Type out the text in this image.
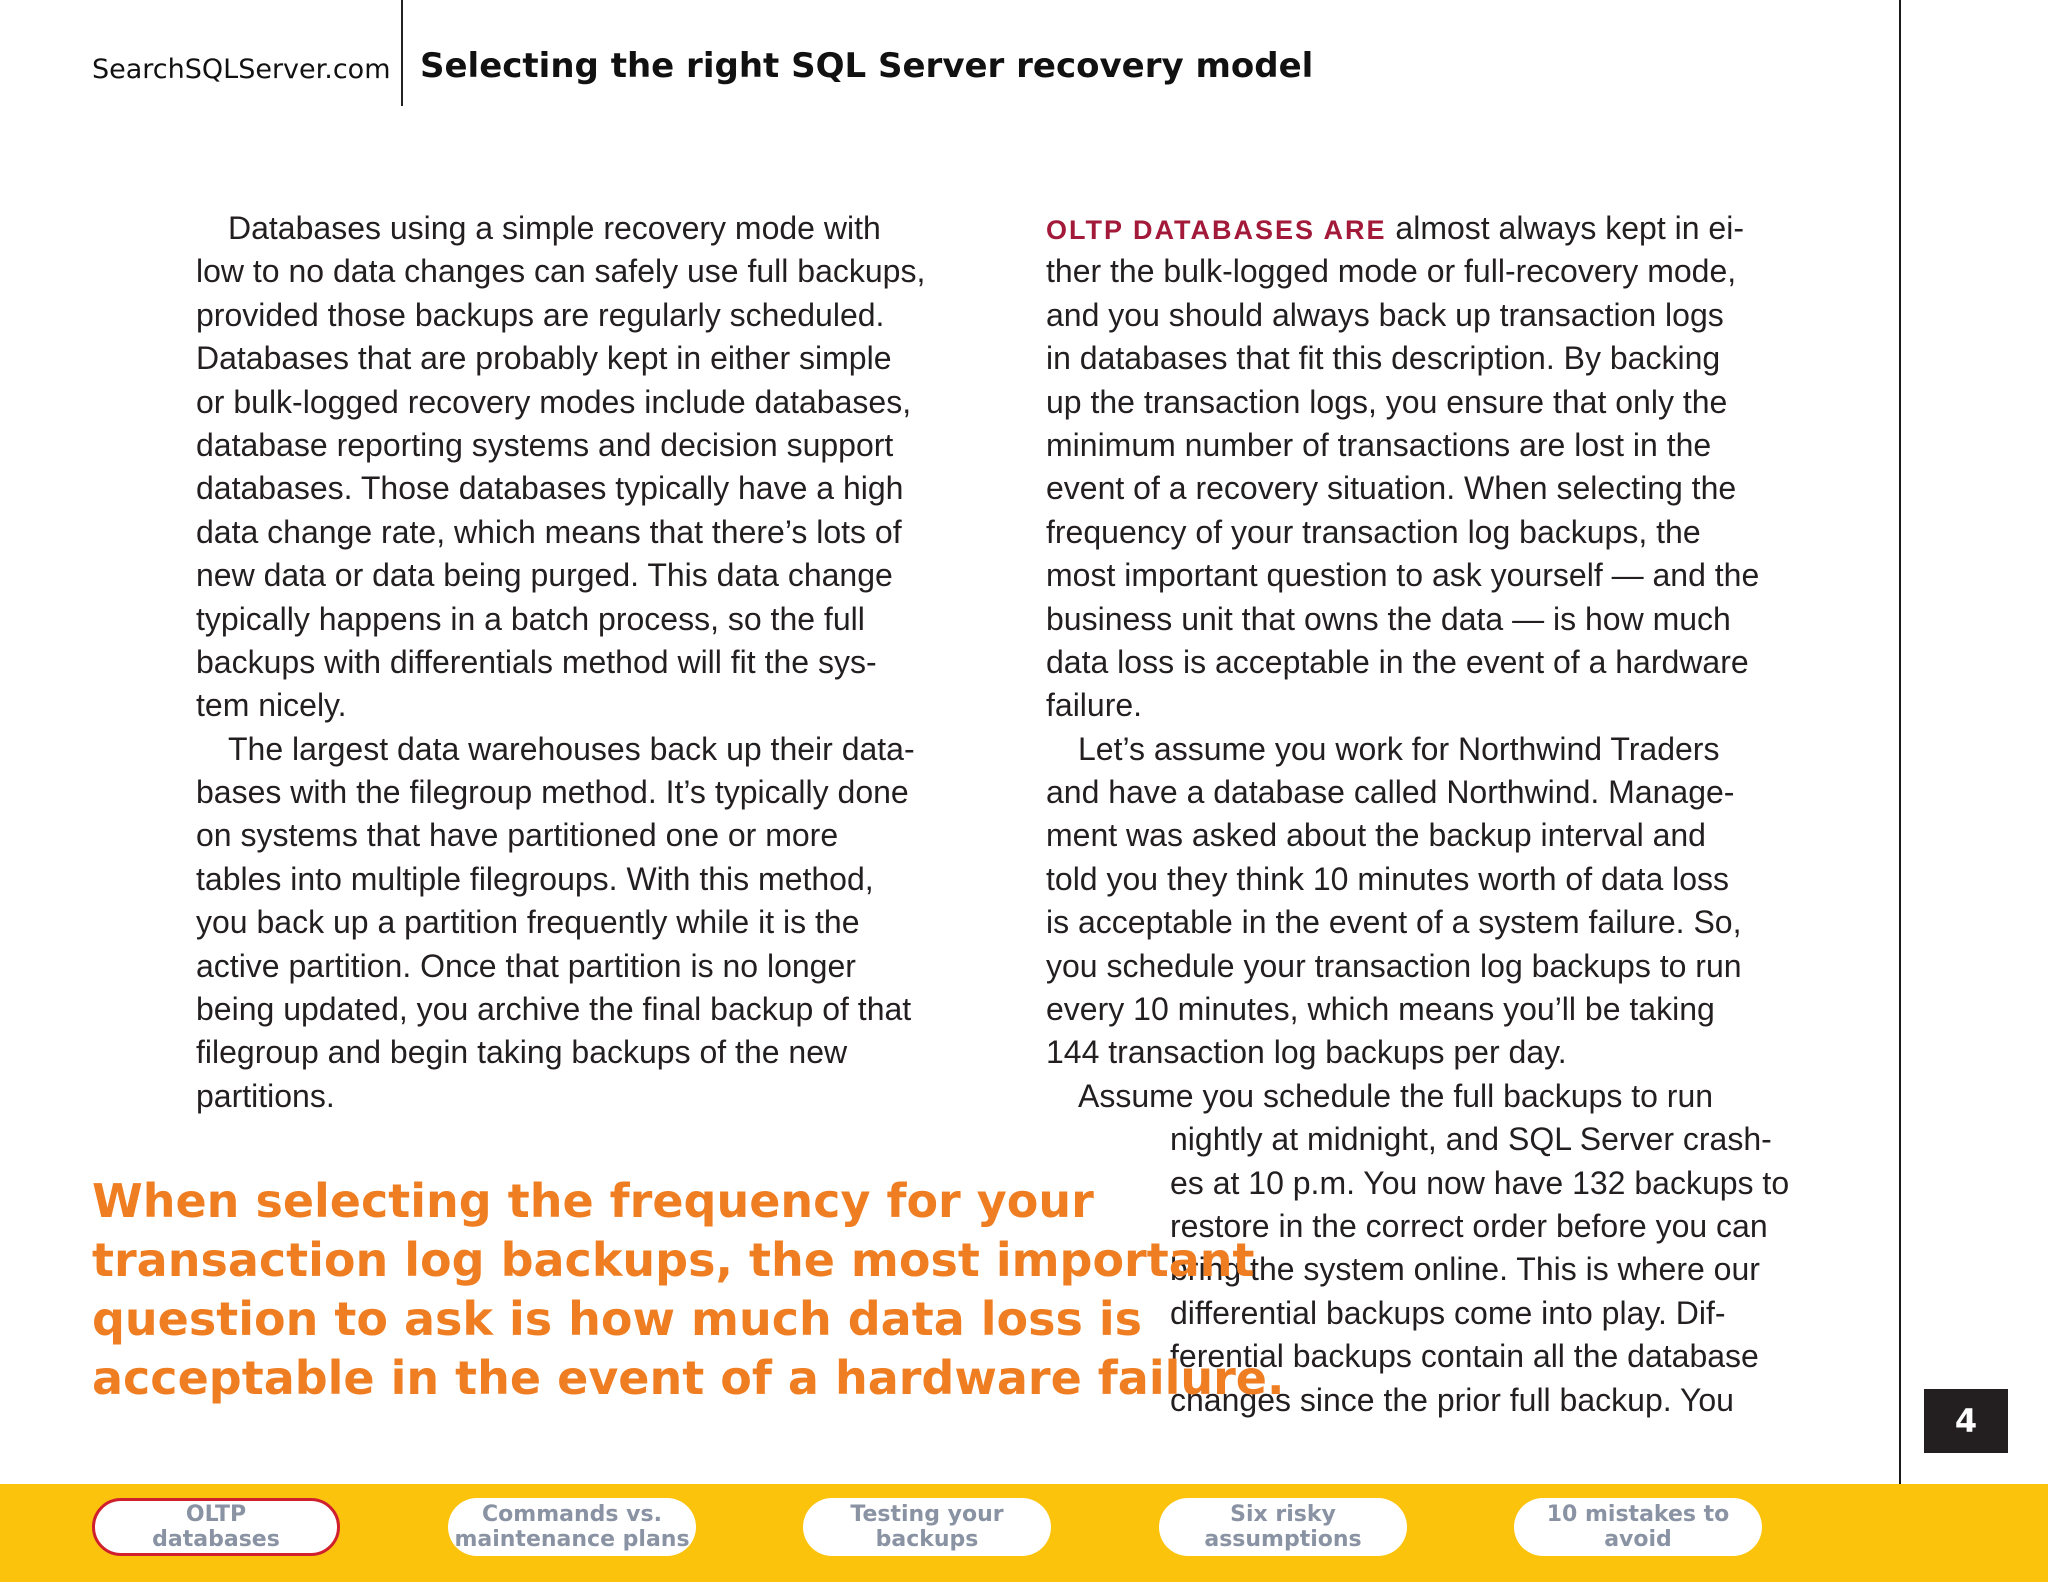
SearchSQLServer.com Selecting the right SQL Server recovery model
Databases using a simple recovery mode with
low to no data changes can safely use full backups,
provided those backups are regularly scheduled.
Databases that are probably kept in either simple
or bulk-logged recovery modes include databases,
database reporting systems and decision support
databases. Those databases typically have a high
data change rate, which means that there’s lots of
new data or data being purged. This data change
typically happens in a batch process, so the full
backups with differentials method will fit the sys-
tem nicely.
The largest data warehouses back up their data-
bases with the filegroup method. It’s typically done
on systems that have partitioned one or more
tables into multiple filegroups. With this method,
you back up a partition frequently while it is the
active partition. Once that partition is no longer
being updated, you archive the final backup of that
filegroup and begin taking backups of the new
partitions.
OLTP DATABASES ARE almost always kept in ei-
ther the bulk-logged mode or full-recovery mode,
and you should always back up transaction logs
in databases that fit this description. By backing
up the transaction logs, you ensure that only the
minimum number of transactions are lost in the
event of a recovery situation. When selecting the
frequency of your transaction log backups, the
most important question to ask yourself — and the
business unit that owns the data — is how much
data loss is acceptable in the event of a hardware
failure.
Let’s assume you work for Northwind Traders
and have a database called Northwind. Manage-
ment was asked about the backup interval and
told you they think 10 minutes worth of data loss
is acceptable in the event of a system failure. So,
you schedule your transaction log backups to run
every 10 minutes, which means you’ll be taking
144 transaction log backups per day.
Assume you schedule the full backups to run
nightly at midnight, and SQL Server crash-
es at 10 p.m. You now have 132 backups to
restore in the correct order before you can
bring the system online. This is where our
differential backups come into play. Dif-
ferential backups contain all the database
changes since the prior full backup. You
When selecting the frequency for your
transaction log backups, the most important
question to ask is how much data loss is
acceptable in the event of a hardware failure.
4
OLTP
databases
Commands vs.
maintenance plans
Testing your
backups
Six risky
assumptions
10 mistakes to
avoid
